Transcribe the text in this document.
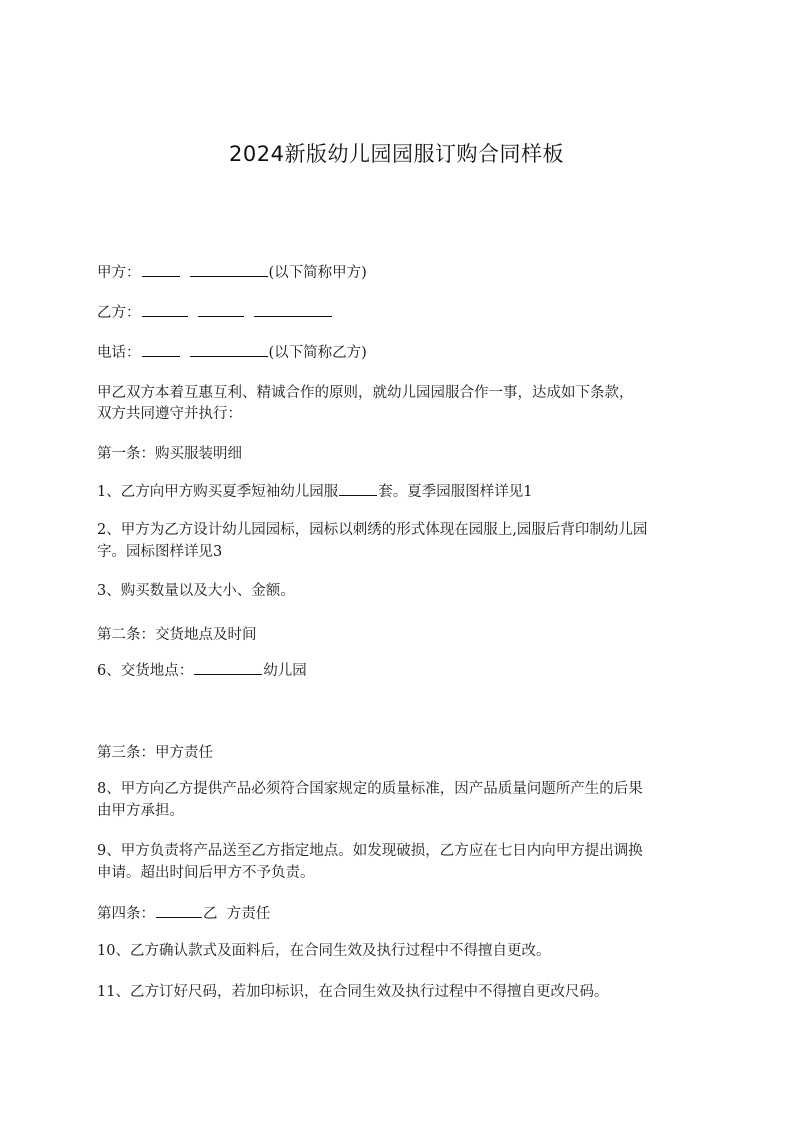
2024新版幼儿园园服订购合同样板
甲方：	(以下简称甲方)
乙方：
电话：	(以下简称乙方)
甲乙双方本着互惠互利、精诚合作的原则，就幼儿园园服合作一事，达成如下条款，
双方共同遵守并执行：
第一条：购买服装明细
1、乙方向甲方购买夏季短袖幼儿园服	套。夏季园服图样详见1
2、甲方为乙方设计幼儿园园标，园标以刺绣的形式体现在园服上,园服后背印制幼儿园
字。园标图样详见3
3、购买数量以及大小、金额。
第二条：交货地点及时间
6、交货地点：	幼儿园
第三条：甲方责任
8、甲方向乙方提供产品必须符合国家规定的质量标准，因产品质量问题所产生的后果
由甲方承担。
9、甲方负责将产品送至乙方指定地点。如发现破损，乙方应在七日内向甲方提出调换
申请。超出时间后甲方不予负责。
第四条：	乙  方责任
10、乙方确认款式及面料后，在合同生效及执行过程中不得擅自更改。
11、乙方订好尺码，若加印标识，在合同生效及执行过程中不得擅自更改尺码。
